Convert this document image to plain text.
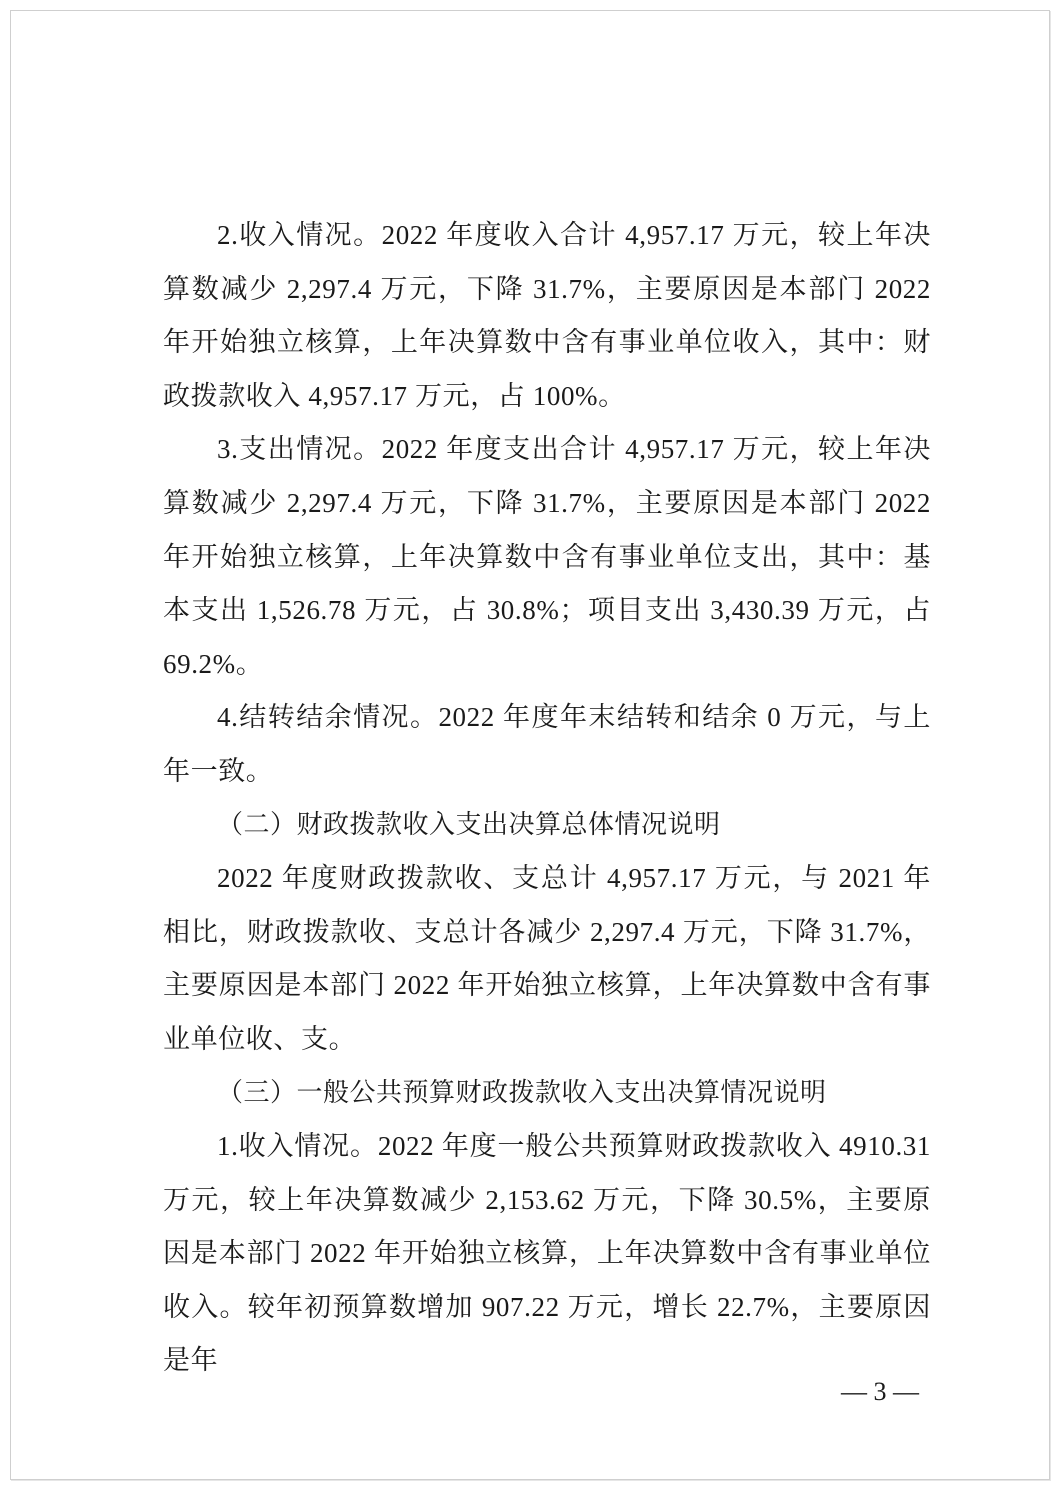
2.收入情况。2022 年度收入合计 4,957.17 万元，较上年决算数减少 2,297.4 万元，下降 31.7%，主要原因是本部门 2022 年开始独立核算，上年决算数中含有事业单位收入，其中：财政拨款收入 4,957.17 万元，占 100%。

3.支出情况。2022 年度支出合计 4,957.17 万元，较上年决算数减少 2,297.4 万元，下降 31.7%，主要原因是本部门 2022 年开始独立核算，上年决算数中含有事业单位支出，其中：基本支出 1,526.78 万元，占 30.8%；项目支出 3,430.39 万元，占 69.2%。

4.结转结余情况。2022 年度年末结转和结余 0 万元，与上年一致。

（二）财政拨款收入支出决算总体情况说明

2022 年度财政拨款收、支总计 4,957.17 万元，与 2021 年相比，财政拨款收、支总计各减少 2,297.4 万元，下降 31.7%，主要原因是本部门 2022 年开始独立核算，上年决算数中含有事业单位收、支。

（三）一般公共预算财政拨款收入支出决算情况说明

1.收入情况。2022 年度一般公共预算财政拨款收入 4910.31 万元，较上年决算数减少 2,153.62 万元，下降 30.5%，主要原因是本部门 2022 年开始独立核算，上年决算数中含有事业单位收入。较年初预算数增加 907.22 万元，增长 22.7%，主要原因是年

— 3 —
